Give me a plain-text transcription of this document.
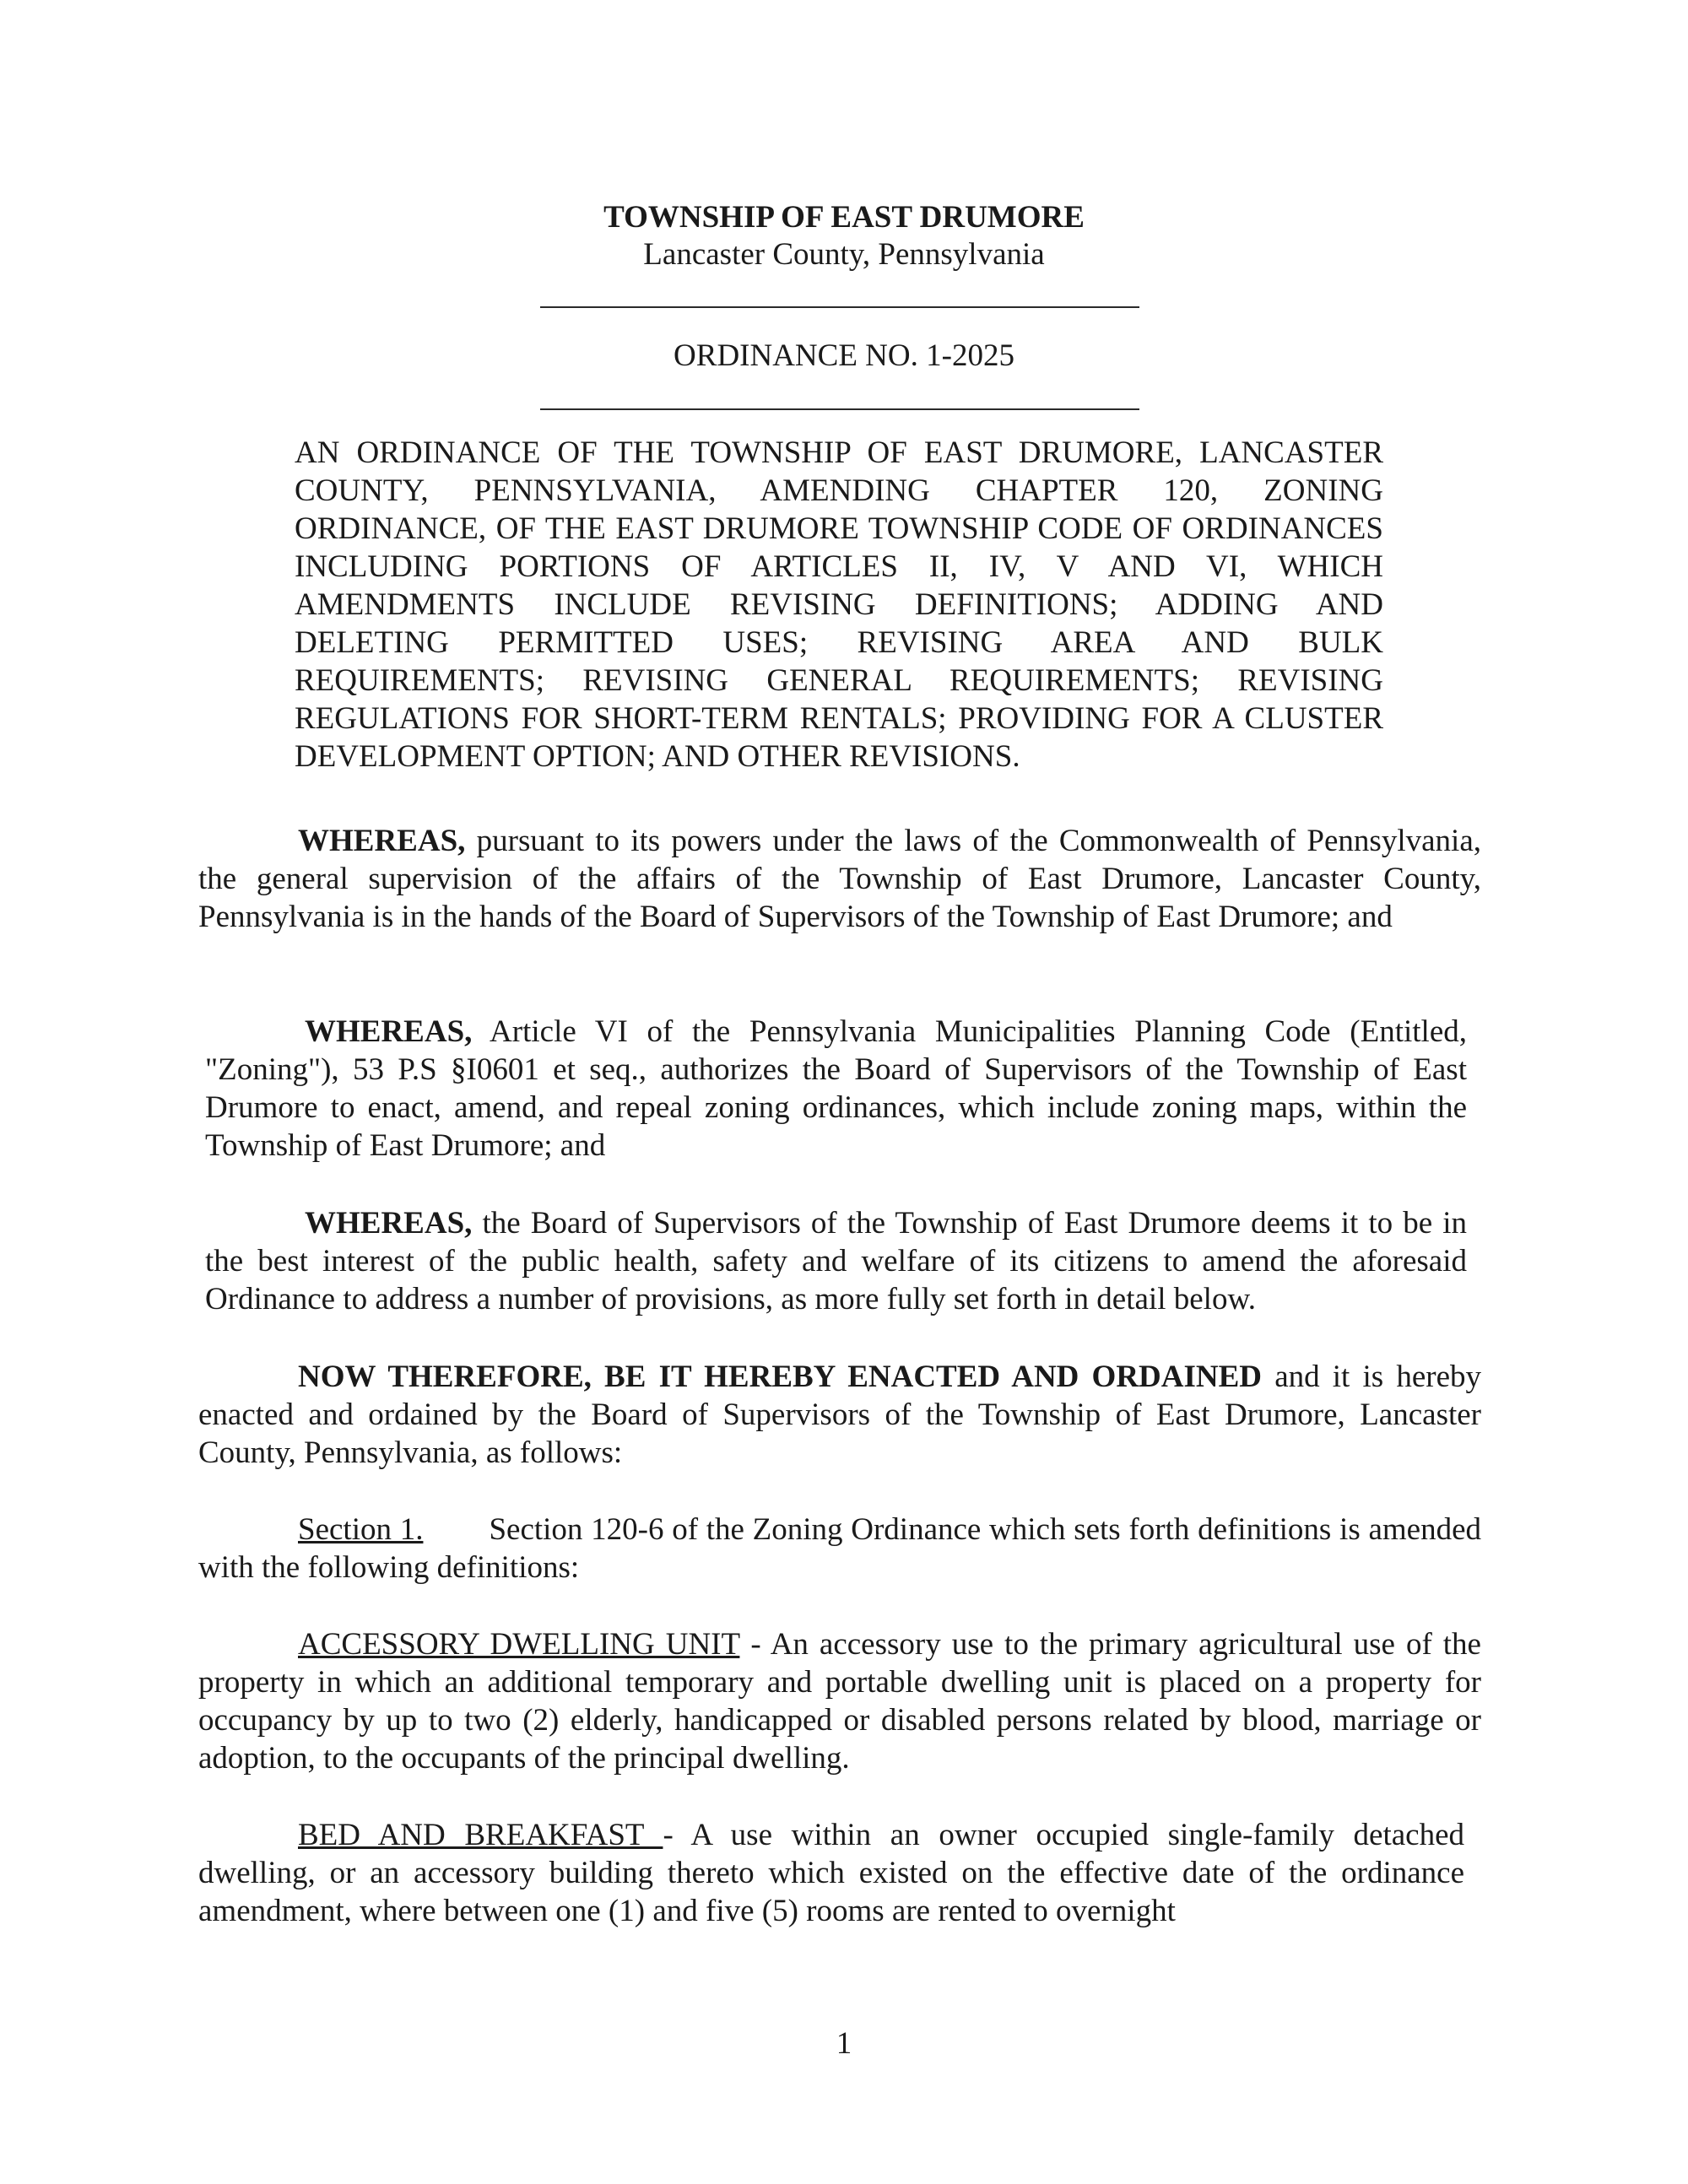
TOWNSHIP OF EAST DRUMORE
Lancaster County, Pennsylvania
ORDINANCE NO. 1-2025
AN ORDINANCE OF THE TOWNSHIP OF EAST DRUMORE, LANCASTER COUNTY, PENNSYLVANIA, AMENDING CHAPTER 120, ZONING ORDINANCE, OF THE EAST DRUMORE TOWNSHIP CODE OF ORDINANCES INCLUDING PORTIONS OF ARTICLES II, IV, V AND VI, WHICH AMENDMENTS INCLUDE REVISING DEFINITIONS; ADDING AND DELETING PERMITTED USES; REVISING AREA AND BULK REQUIREMENTS; REVISING GENERAL REQUIREMENTS; REVISING REGULATIONS FOR SHORT-TERM RENTALS; PROVIDING FOR A CLUSTER DEVELOPMENT OPTION; AND OTHER REVISIONS.
WHEREAS, pursuant to its powers under the laws of the Commonwealth of Pennsylvania, the general supervision of the affairs of the Township of East Drumore, Lancaster County, Pennsylvania is in the hands of the Board of Supervisors of the Township of East Drumore; and
WHEREAS, Article VI of the Pennsylvania Municipalities Planning Code (Entitled, "Zoning"), 53 P.S §I0601 et seq., authorizes the Board of Supervisors of the Township of East Drumore to enact, amend, and repeal zoning ordinances, which include zoning maps, within the Township of East Drumore; and
WHEREAS, the Board of Supervisors of the Township of East Drumore deems it to be in the best interest of the public health, safety and welfare of its citizens to amend the aforesaid Ordinance to address a number of provisions, as more fully set forth in detail below.
NOW THEREFORE, BE IT HEREBY ENACTED AND ORDAINED and it is hereby enacted and ordained by the Board of Supervisors of the Township of East Drumore, Lancaster County, Pennsylvania, as follows:
Section 1. Section 120-6 of the Zoning Ordinance which sets forth definitions is amended with the following definitions:
ACCESSORY DWELLING UNIT - An accessory use to the primary agricultural use of the property in which an additional temporary and portable dwelling unit is placed on a property for occupancy by up to two (2) elderly, handicapped or disabled persons related by blood, marriage or adoption, to the occupants of the principal dwelling.
BED AND BREAKFAST - A use within an owner occupied single-family detached dwelling, or an accessory building thereto which existed on the effective date of the ordinance amendment, where between one (1) and five (5) rooms are rented to overnight
1
